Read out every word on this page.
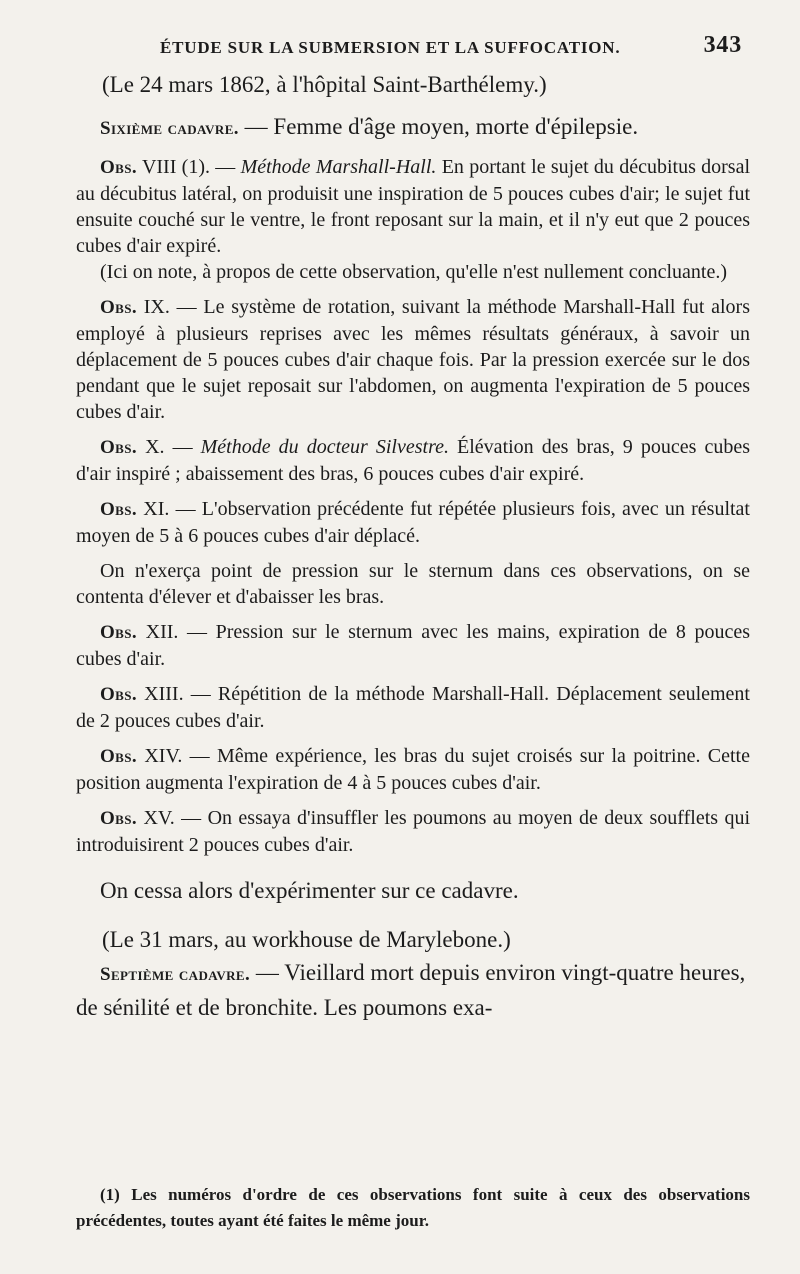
ÉTUDE SUR LA SUBMERSION ET LA SUFFOCATION.	343

(Le 24 mars 1862, à l'hôpital Saint-Barthélemy.)

Sixième cadavre. — Femme d'âge moyen, morte d'épilepsie.

Obs. VIII (1). — Méthode Marshall-Hall. En portant le sujet du décubitus dorsal au décubitus latéral, on produisit une inspiration de 5 pouces cubes d'air; le sujet fut ensuite couché sur le ventre, le front reposant sur la main, et il n'y eut que 2 pouces cubes d'air expiré.

(Ici on note, à propos de cette observation, qu'elle n'est nullement concluante.)

Obs. IX. — Le système de rotation, suivant la méthode Marshall-Hall fut alors employé à plusieurs reprises avec les mêmes résultats généraux, à savoir un déplacement de 5 pouces cubes d'air chaque fois. Par la pression exercée sur le dos pendant que le sujet reposait sur l'abdomen, on augmenta l'expiration de 5 pouces cubes d'air.

Obs. X. — Méthode du docteur Silvestre. Élévation des bras, 9 pouces cubes d'air inspiré ; abaissement des bras, 6 pouces cubes d'air expiré.

Obs. XI. — L'observation précédente fut répétée plusieurs fois, avec un résultat moyen de 5 à 6 pouces cubes d'air déplacé.

On n'exerça point de pression sur le sternum dans ces observations, on se contenta d'élever et d'abaisser les bras.

Obs. XII. — Pression sur le sternum avec les mains, expiration de 8 pouces cubes d'air.

Obs. XIII. — Répétition de la méthode Marshall-Hall. Déplacement seulement de 2 pouces cubes d'air.

Obs. XIV. — Même expérience, les bras du sujet croisés sur la poitrine. Cette position augmenta l'expiration de 4 à 5 pouces cubes d'air.

Obs. XV. — On essaya d'insuffler les poumons au moyen de deux soufflets qui introduisirent 2 pouces cubes d'air.

On cessa alors d'expérimenter sur ce cadavre.

(Le 31 mars, au workhouse de Marylebone.)

Septième cadavre. — Vieillard mort depuis environ vingt-quatre heures, de sénilité et de bronchite. Les poumons exa-

(1) Les numéros d'ordre de ces observations font suite à ceux des observations précédentes, toutes ayant été faites le même jour.
